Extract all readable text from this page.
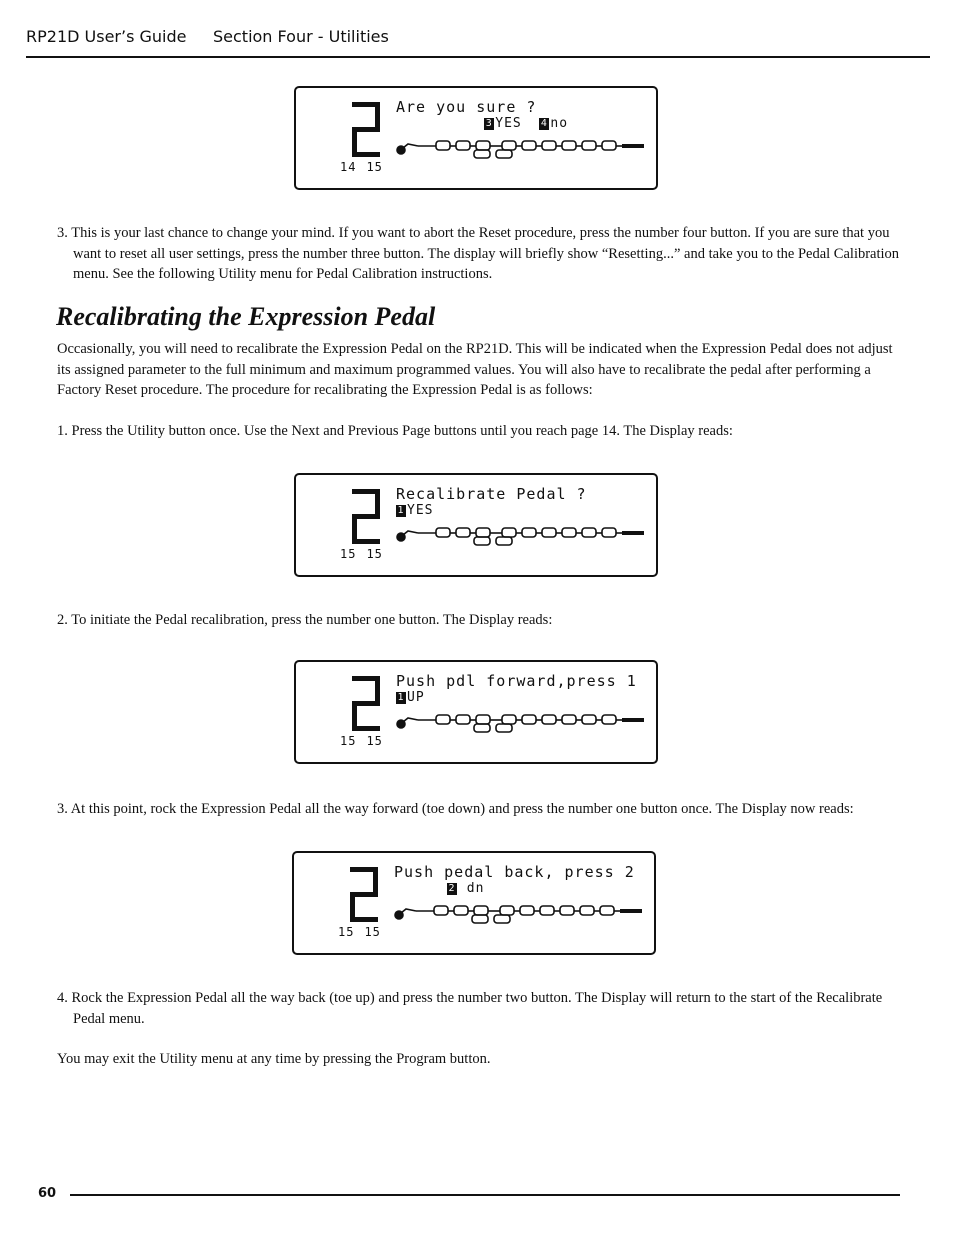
RP21D User’s Guide Section Four - Utilities
14 15
Are you sure ?
3 YES  4 no
3. This is your last chance to change your mind. If you want to abort the Reset procedure, press the number four button. If you are sure that you want to reset all user settings, press the number three button. The display will briefly show “Resetting...” and take you to the Pedal Calibration menu. See the following Utility menu for Pedal Calibration instructions.
Recalibrating the Expression Pedal
Occasionally, you will need to recalibrate the Expression Pedal on the RP21D. This will be indicated when the Expression Pedal does not adjust its assigned parameter to the full minimum and maximum programmed values. You will also have to recalibrate the pedal after performing a Factory Reset procedure. The procedure for recalibrating the Expression Pedal is as follows:
1. Press the Utility button once. Use the Next and Previous Page buttons until you reach page 14. The Display reads:
15 15
Recalibrate Pedal ?
1 YES
2. To initiate the Pedal recalibration, press the number one button. The Display reads:
15 15
Push pdl forward,press 1
1 UP
3. At this point, rock the Expression Pedal all the way forward (toe down) and press the number one button once. The Display now reads:
15 15
Push pedal back, press 2
2 dn
4. Rock the Expression Pedal all the way back (toe up) and press the number two button. The Display will return to the start of the Recalibrate Pedal menu.
You may exit the Utility menu at any time by pressing the Program button.
60
